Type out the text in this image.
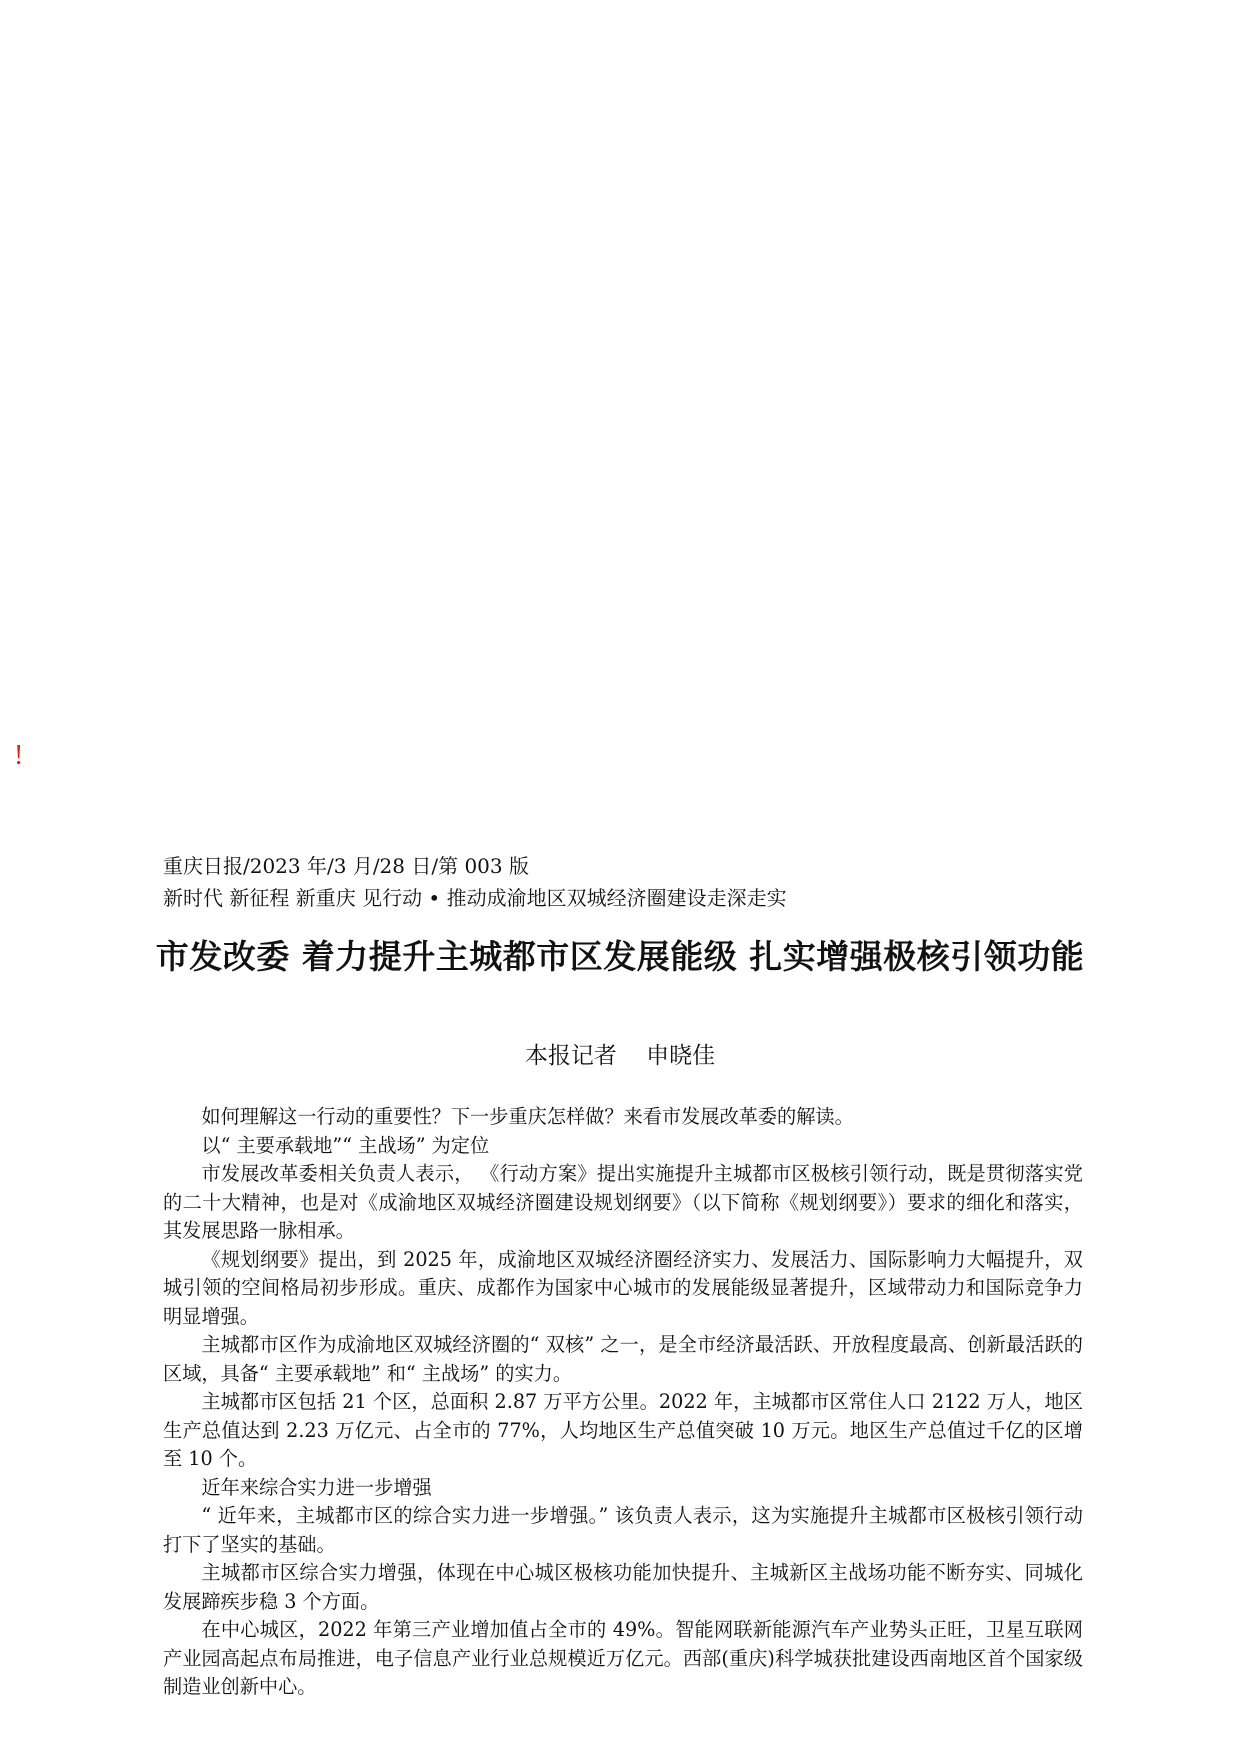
!
重庆日报/2023 年/3 月/28 日/第 003 版
新时代 新征程 新重庆 见行动 • 推动成渝地区双城经济圈建设走深走实
市发改委 着力提升主城都市区发展能级 扎实增强极核引领功能
本报记者    申晓佳

如何理解这一行动的重要性？下一步重庆怎样做？来看市发展改革委的解读。

以“ 主要承载地”“ 主战场” 为定位

市发展改革委相关负责人表示， 《行动方案》提出实施提升主城都市区极核引领行动，既是贯彻落实党的二十大精神，也是对《成渝地区双城经济圈建设规划纲要》（以下简称《规划纲要》）要求的细化和落实，其发展思路一脉相承。

《规划纲要》提出，到 2025 年，成渝地区双城经济圈经济实力、发展活力、国际影响力大幅提升，双城引领的空间格局初步形成。重庆、成都作为国家中心城市的发展能级显著提升，区域带动力和国际竞争力明显增强。

主城都市区作为成渝地区双城经济圈的“ 双核” 之一，是全市经济最活跃、开放程度最高、创新最活跃的区域，具备“ 主要承载地” 和“ 主战场” 的实力。

主城都市区包括 21 个区，总面积 2.87 万平方公里。2022 年，主城都市区常住人口 2122 万人，地区生产总值达到 2.23 万亿元、占全市的 77%，人均地区生产总值突破 10 万元。地区生产总值过千亿的区增至 10 个。

近年来综合实力进一步增强

“ 近年来，主城都市区的综合实力进一步增强。” 该负责人表示，这为实施提升主城都市区极核引领行动打下了坚实的基础。

主城都市区综合实力增强，体现在中心城区极核功能加快提升、主城新区主战场功能不断夯实、同城化发展蹄疾步稳 3 个方面。

在中心城区，2022 年第三产业增加值占全市的 49%。智能网联新能源汽车产业势头正旺，卫星互联网产业园高起点布局推进，电子信息产业行业总规模近万亿元。西部(重庆)科学城获批建设西南地区首个国家级制造业创新中心。
